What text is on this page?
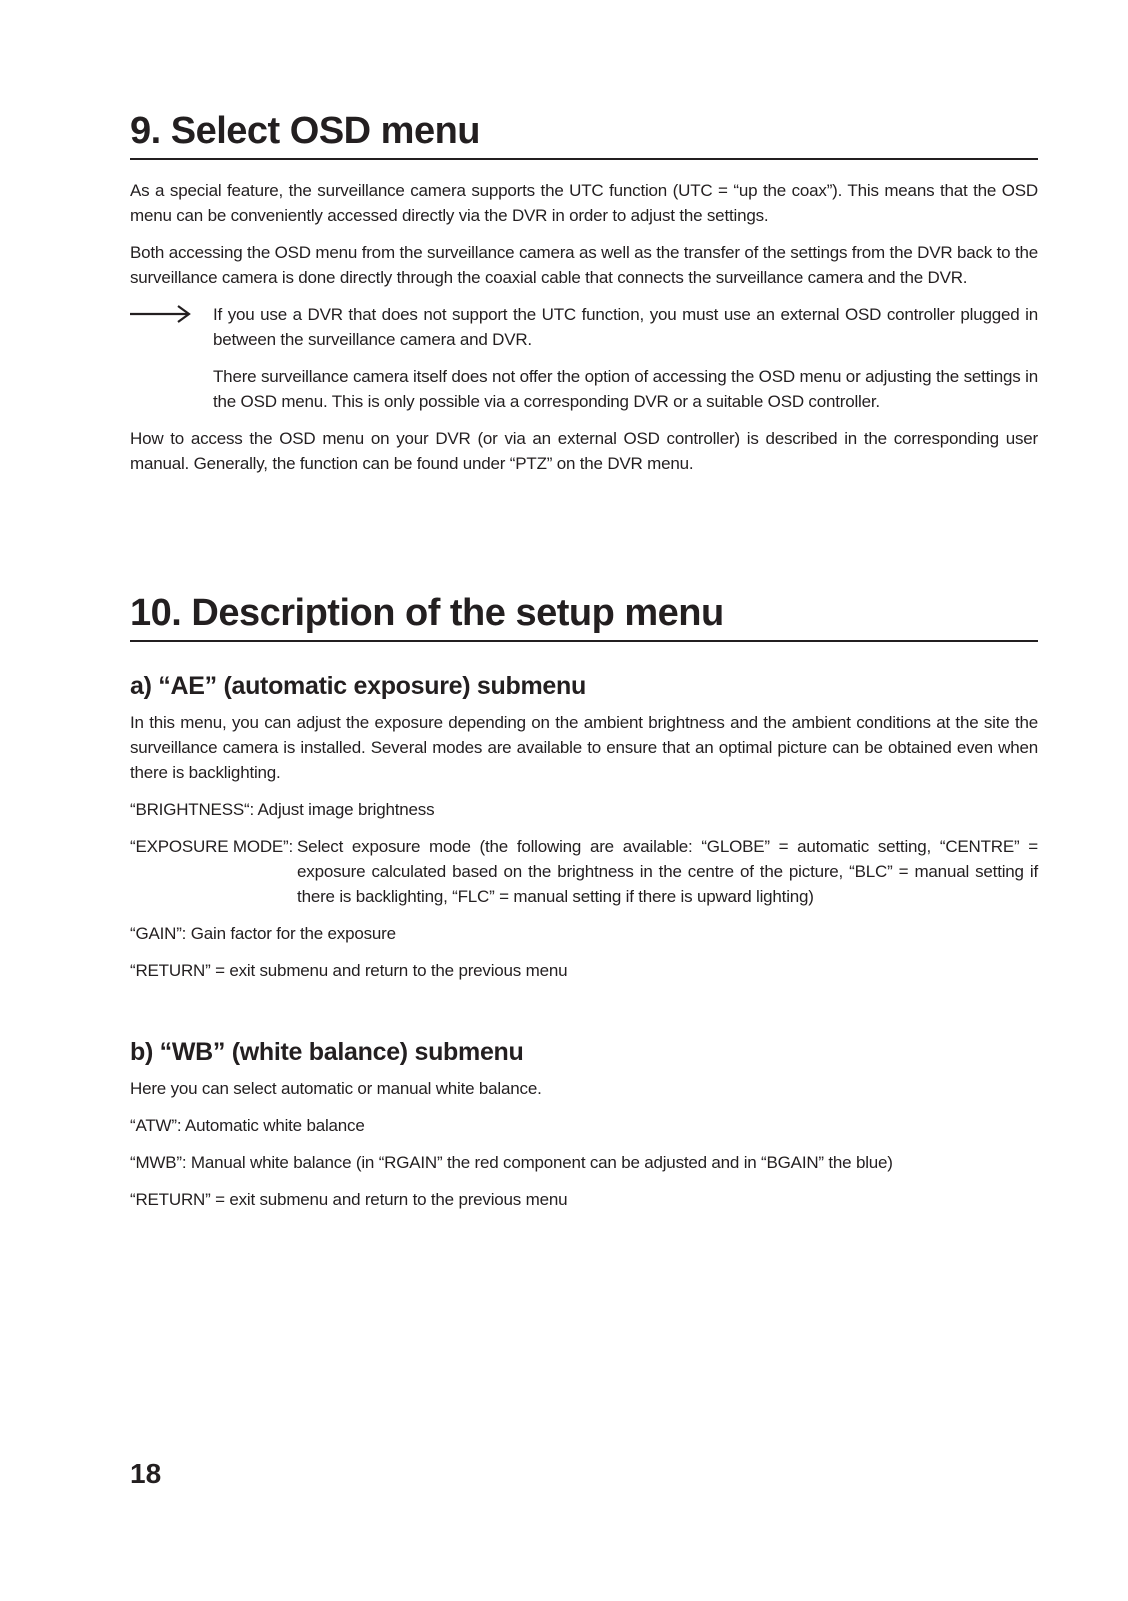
9. Select OSD menu

As a special feature, the surveillance camera supports the UTC function (UTC = “up the coax”). This means that the OSD menu can be conveniently accessed directly via the DVR in order to adjust the settings.

Both accessing the OSD menu from the surveillance camera as well as the transfer of the settings from the DVR back to the surveillance camera is done directly through the coaxial cable that connects the surveillance camera and the DVR.

If you use a DVR that does not support the UTC function, you must use an external OSD controller plugged in between the surveillance camera and DVR.

There surveillance camera itself does not offer the option of accessing the OSD menu or adjusting the settings in the OSD menu. This is only possible via a corresponding DVR or a suitable OSD controller.

How to access the OSD menu on your DVR (or via an external OSD controller) is described in the corresponding user manual. Generally, the function can be found under “PTZ” on the DVR menu.

10. Description of the setup menu
a) “AE” (automatic exposure) submenu

In this menu, you can adjust the exposure depending on the ambient brightness and the ambient conditions at the site the surveillance camera is installed. Several modes are available to ensure that an optimal picture can be obtained even when there is backlighting.

“BRIGHTNESS“: Adjust image brightness

“EXPOSURE MODE”: Select exposure mode (the following are available: “GLOBE” = automatic setting, “CENTRE” = exposure calculated based on the brightness in the centre of the picture, “BLC” = manual setting if there is backlighting, “FLC” = manual setting if there is upward lighting)

“GAIN”: Gain factor for the exposure

“RETURN” = exit submenu and return to the previous menu

b) “WB” (white balance) submenu

Here you can select automatic or manual white balance.

“ATW”: Automatic white balance

“MWB”: Manual white balance (in “RGAIN” the red component can be adjusted and in “BGAIN” the blue)

“RETURN” = exit submenu and return to the previous menu

18
